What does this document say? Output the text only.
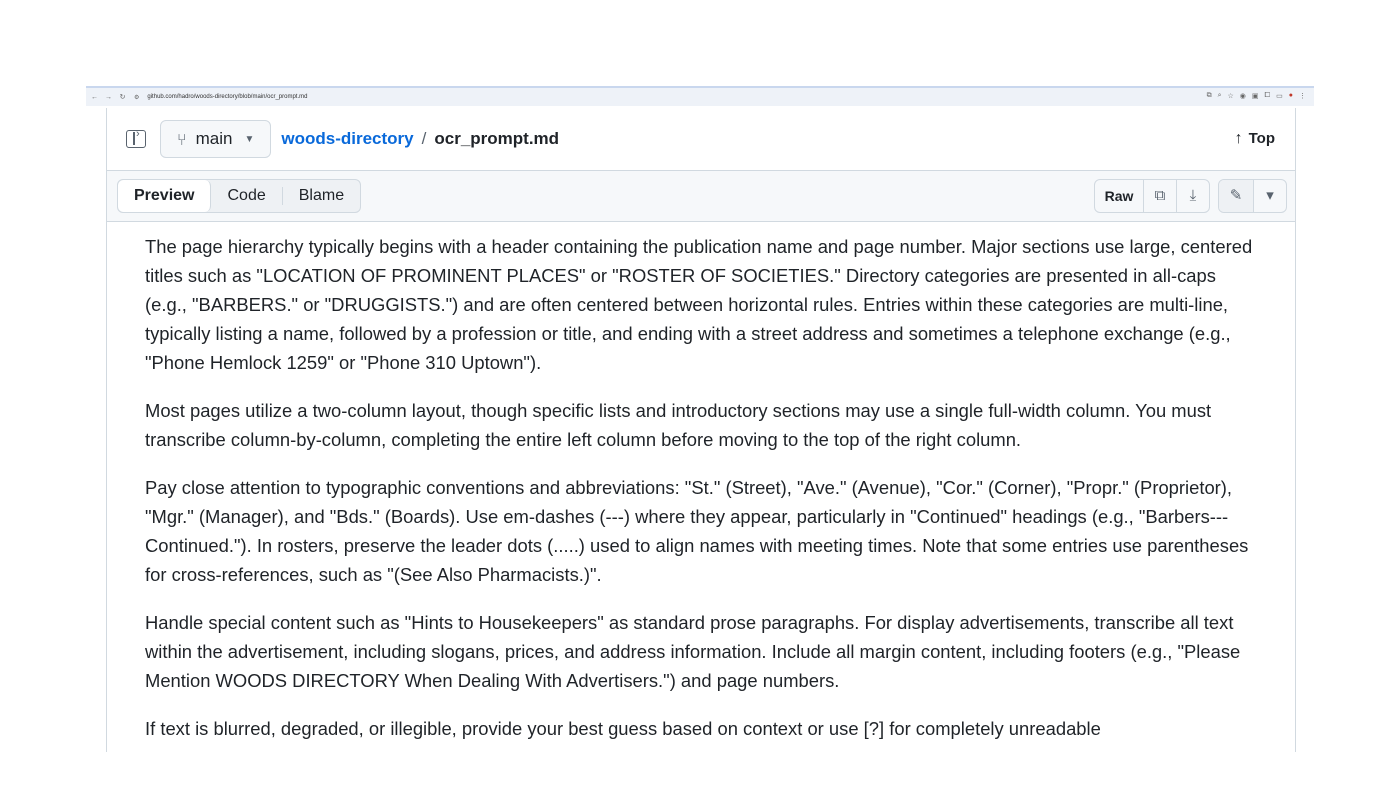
← →	↻	⚙ github.com/hadro/woods-directory/blob/main/ocr_prompt.md	⧉ ⌕ ☆ ◉ ▣ ⧠ ▭ ● ⋮
›
⑂ main ▼ woods-directory / ocr_prompt.md	↑ Top
Preview	Code	Blame	Raw	⧉	⤓	✎	▾

The page hierarchy typically begins with a header containing the publication name and page number. Major sections use large, centered titles such as "LOCATION OF PROMINENT PLACES" or "ROSTER OF SOCIETIES." Directory categories are presented in all-caps (e.g., "BARBERS." or "DRUGGISTS.") and are often centered between horizontal rules. Entries within these categories are multi-line, typically listing a name, followed by a profession or title, and ending with a street address and sometimes a telephone exchange (e.g., "Phone Hemlock 1259" or "Phone 310 Uptown").

Most pages utilize a two-column layout, though specific lists and introductory sections may use a single full-width column. You must transcribe column-by-column, completing the entire left column before moving to the top of the right column.

Pay close attention to typographic conventions and abbreviations: "St." (Street), "Ave." (Avenue), "Cor." (Corner), "Propr." (Proprietor), "Mgr." (Manager), and "Bds." (Boards). Use em-dashes (---) where they appear, particularly in "Continued" headings (e.g., "Barbers---Continued."). In rosters, preserve the leader dots (.....) used to align names with meeting times. Note that some entries use parentheses for cross-references, such as "(See Also Pharmacists.)".

Handle special content such as "Hints to Housekeepers" as standard prose paragraphs. For display advertisements, transcribe all text within the advertisement, including slogans, prices, and address information. Include all margin content, including footers (e.g., "Please Mention WOODS DIRECTORY When Dealing With Advertisers.") and page numbers.

If text is blurred, degraded, or illegible, provide your best guess based on context or use [?] for completely unreadable
